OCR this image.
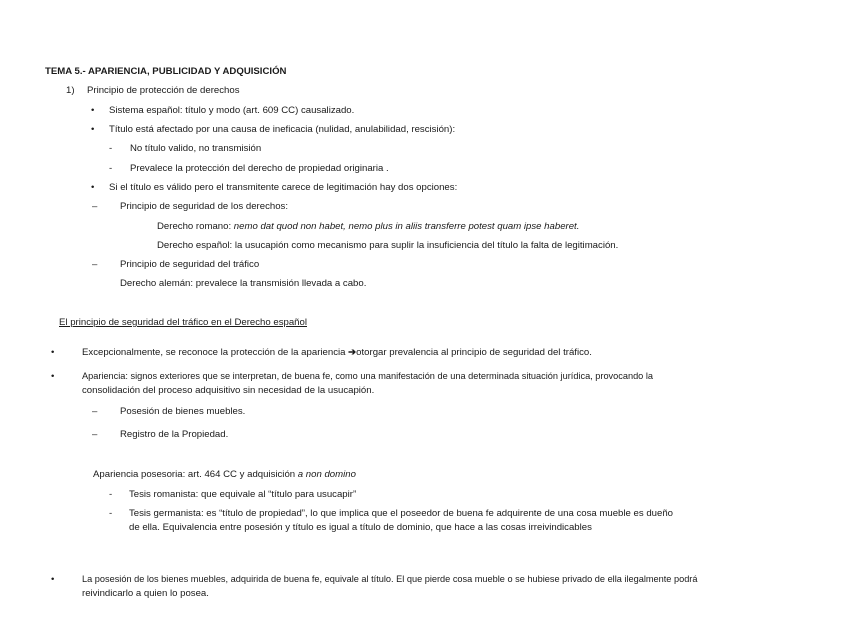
TEMA 5.- APARIENCIA, PUBLICIDAD Y ADQUISICIÓN
1) Principio de protección de derechos
• Sistema español: título y modo (art. 609 CC) causalizado.
• Título está afectado por una causa de ineficacia (nulidad, anulabilidad, rescisión):
- No título valido, no transmisión
- Prevalece la protección del derecho de propiedad originaria .
• Si el título es válido pero el transmitente carece de legitimación hay dos opciones:
– Principio de seguridad de los derechos:
Derecho romano: nemo dat quod non habet, nemo plus in aliis transferre potest quam ipse haberet.
Derecho español: la usucapión como mecanismo para suplir la insuficiencia del título la falta de legitimación.
– Principio de seguridad del tráfico
Derecho alemán: prevalece la transmisión llevada a cabo.
El principio de seguridad del tráfico en el Derecho español
•	Excepcionalmente, se reconoce la protección de la apariencia ➔otorgar prevalencia al principio de seguridad del tráfico.
•	Apariencia: signos exteriores que se interpretan, de buena fe, como una manifestación de una determinada situación jurídica, provocando la
consolidación del proceso adquisitivo sin necesidad de la usucapión.
– Posesión de bienes muebles.
– Registro de la Propiedad.
Apariencia posesoria: art. 464 CC y adquisición a non domino
- Tesis romanista: que equivale al “título para usucapir”
- Tesis germanista: es “título de propiedad”, lo que implica que el poseedor de buena fe adquirente de una cosa mueble es dueño
de ella. Equivalencia entre posesión y título es igual a título de dominio, que hace a las cosas irreivindicables
•	La posesión de los bienes muebles, adquirida de buena fe, equivale al título. El que pierde cosa mueble o se hubiese privado de ella ilegalmente podrá
reivindicarlo a quien lo posea.
